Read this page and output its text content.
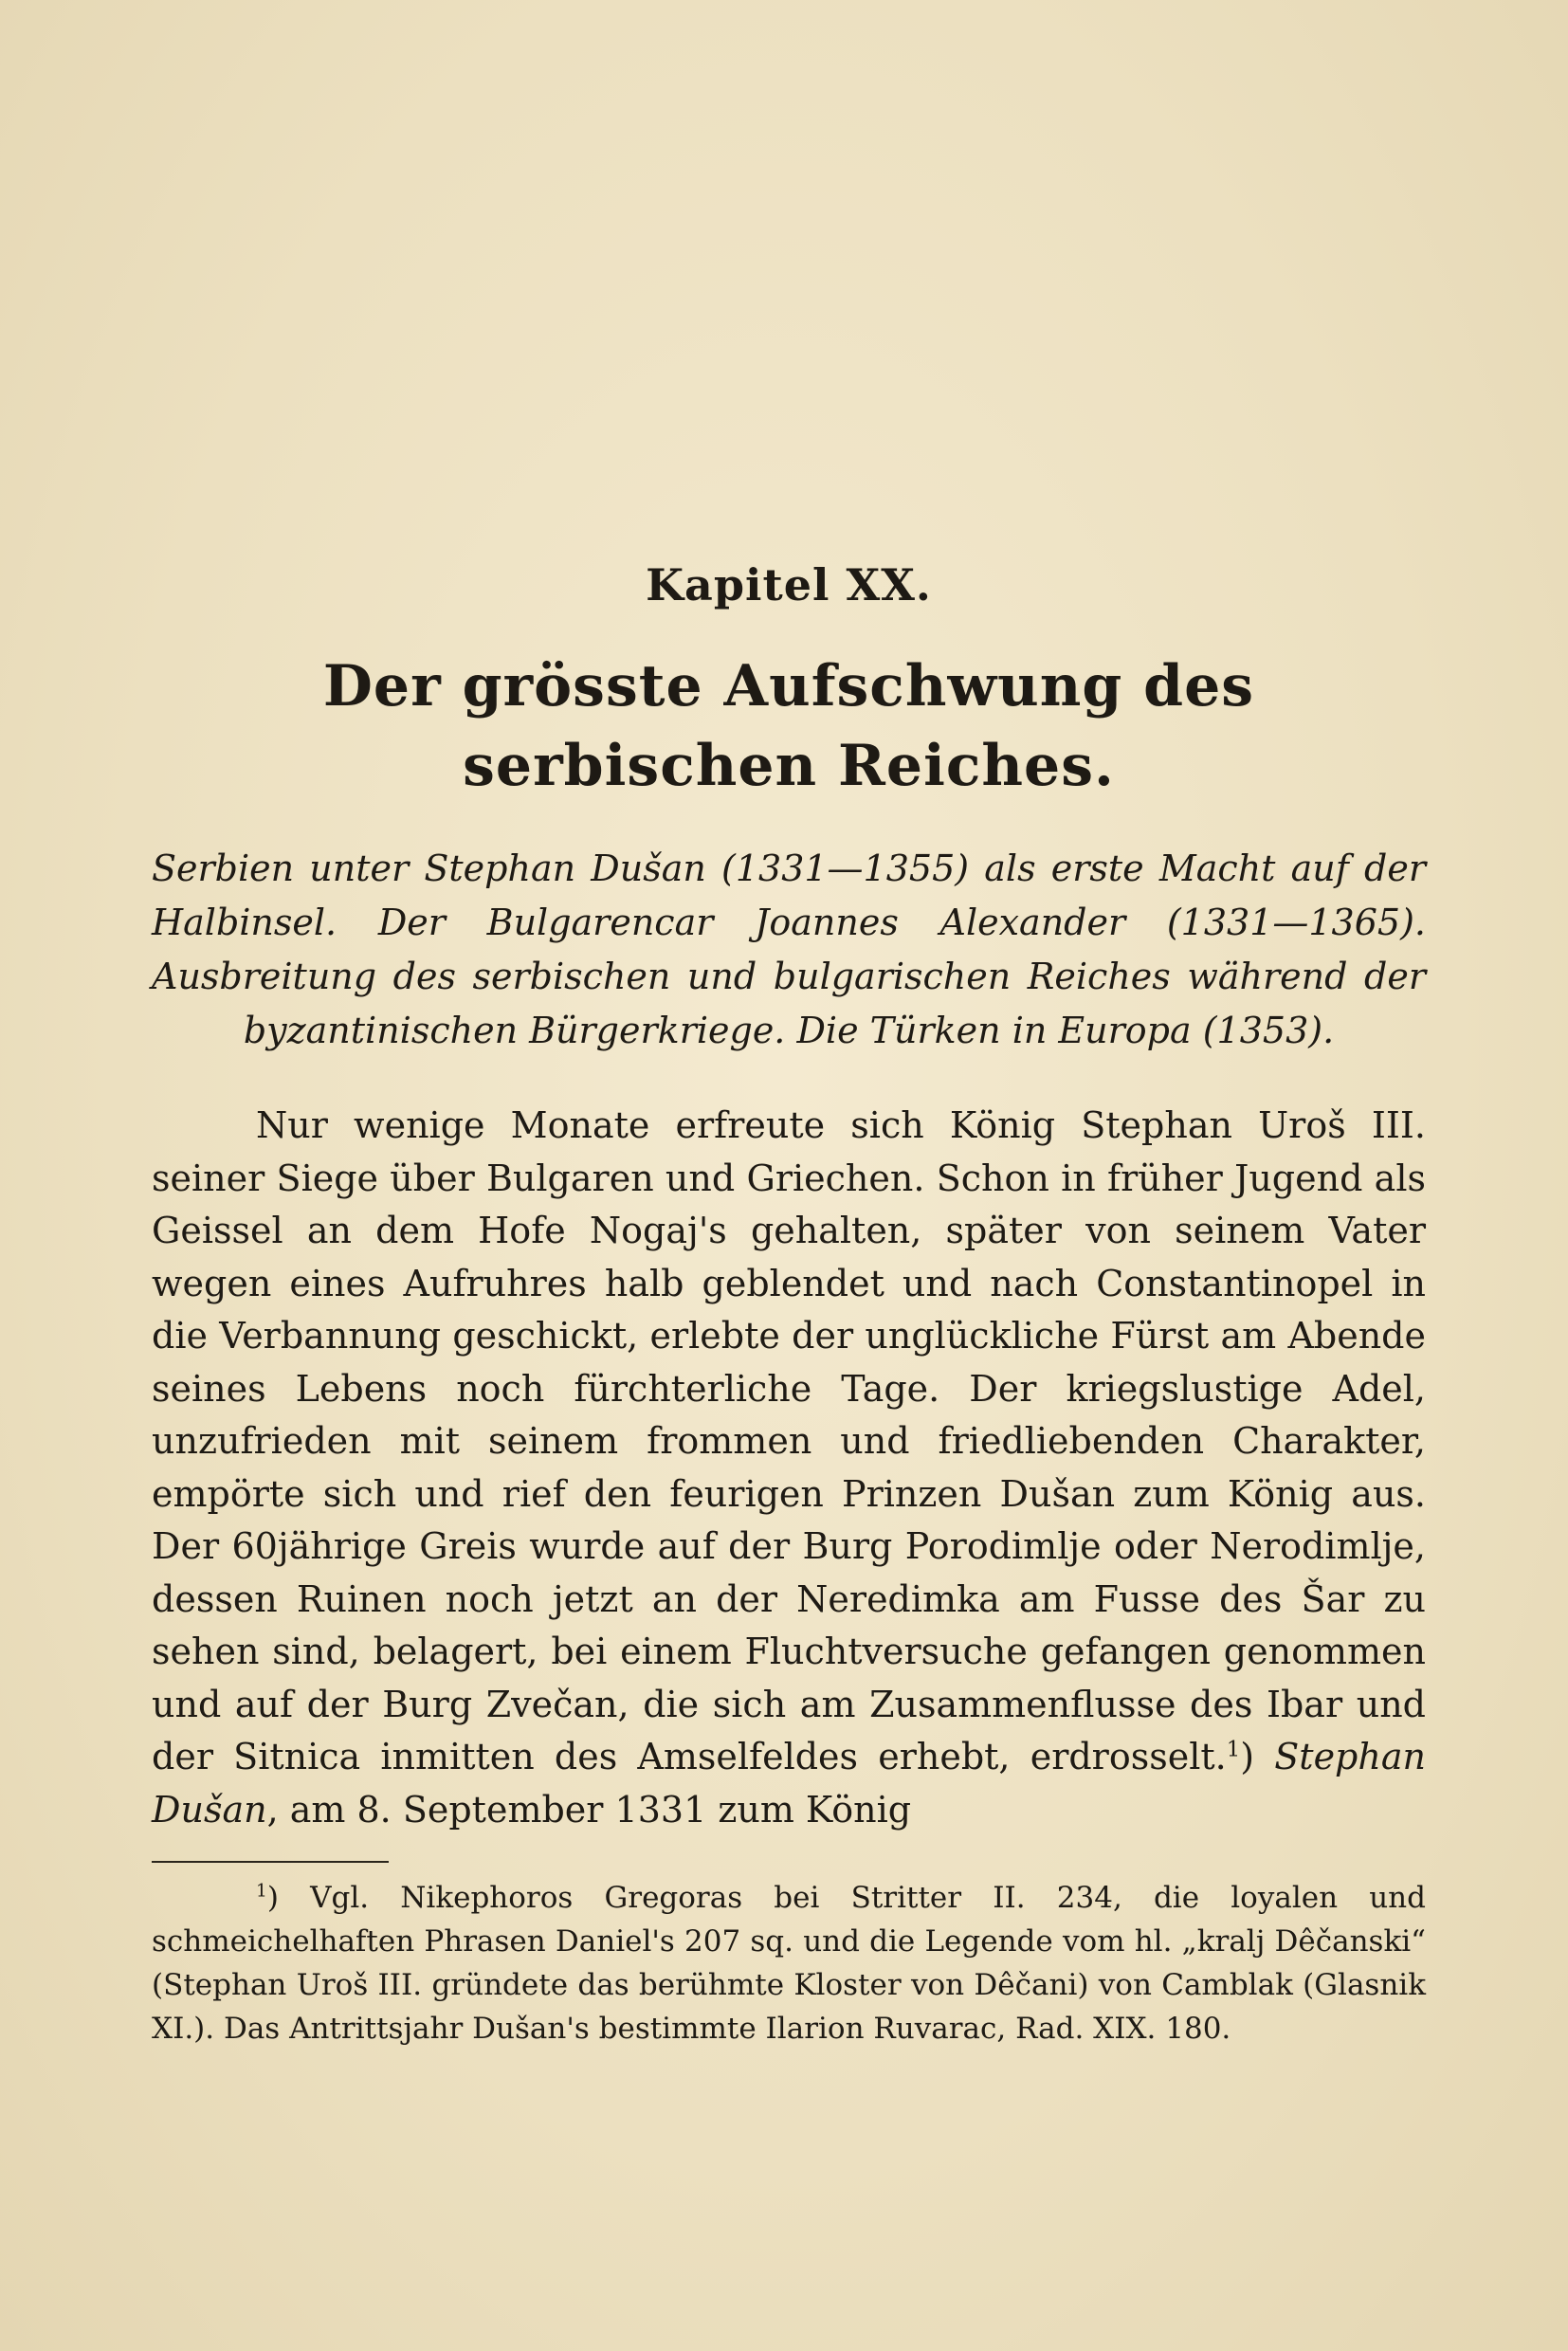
Kapitel XX.
Der grösste Aufschwung des serbischen Reiches.

Serbien unter Stephan Dušan (1331—1355) als erste Macht auf der Halbinsel. Der Bulgarencar Joannes Alexander (1331—1365). Ausbreitung des serbischen und bulgarischen Reiches während der byzantinischen Bürgerkriege. Die Türken in Europa (1353).

Nur wenige Monate erfreute sich König Stephan Uroš III. seiner Siege über Bulgaren und Griechen. Schon in früher Jugend als Geissel an dem Hofe Nogaj's gehalten, später von seinem Vater wegen eines Aufruhres halb geblendet und nach Constantinopel in die Verbannung geschickt, erlebte der unglückliche Fürst am Abende seines Lebens noch fürchterliche Tage. Der kriegslustige Adel, unzufrieden mit seinem frommen und friedliebenden Charakter, empörte sich und rief den feurigen Prinzen Dušan zum König aus. Der 60jährige Greis wurde auf der Burg Porodimlje oder Nerodimlje, dessen Ruinen noch jetzt an der Neredimka am Fusse des Šar zu sehen sind, belagert, bei einem Fluchtversuche gefangen genommen und auf der Burg Zvečan, die sich am Zusammenflusse des Ibar und der Sitnica inmitten des Amselfeldes erhebt, erdrosselt.$^1$) Stephan Dušan, am 8. September 1331 zum König

$^1$) Vgl. Nikephoros Gregoras bei Stritter II. 234, die loyalen und schmeichelhaften Phrasen Daniel's 207 sq. und die Legende vom hl. „kralj Dêčanski“ (Stephan Uroš III. gründete das berühmte Kloster von Dêčani) von Camblak (Glasnik XI.). Das Antrittsjahr Dušan's bestimmte Ilarion Ruvarac, Rad. XIX. 180.
